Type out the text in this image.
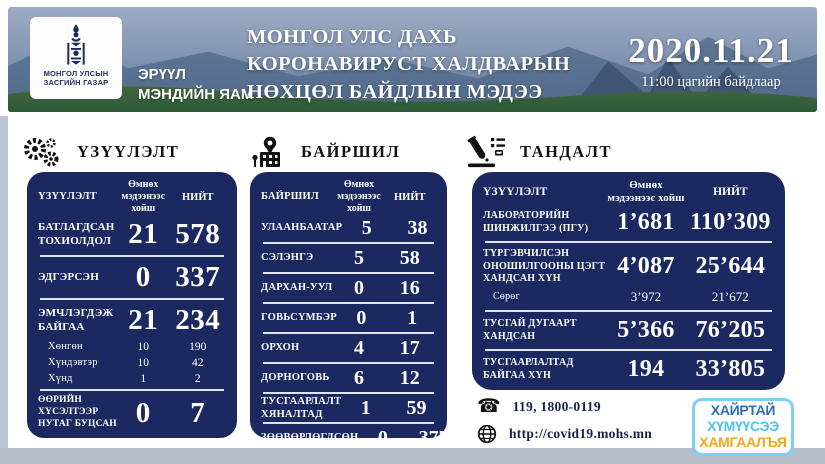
МОНГОЛ УЛСЫН
ЗАСГИЙН ГАЗАР ЭРҮҮЛ
МЭНДИЙН ЯАМ
МОНГОЛ УЛС ДАХЬ
КОРОНАВИРУСТ ХАЛДВАРЫН
НӨХЦӨЛ БАЙДЛЫН МЭДЭЭ
2020.11.21
11:00 цагийн байдлаар
ҮЗҮҮЛЭЛТ	БАЙРШИЛ	ТАНДАЛТ
ҮЗҮҮЛЭЛТ
Өмнөх мэдээнээс хойш
НИЙТ
БАТЛАГДСАН ТОХИОЛДОЛ 21 578
ЭДГЭРСЭН	0 337
ЭМЧЛЭГДЭЖ БАЙГАА	21 234
Хөнгөн	10	190
Хүндэвтэр	10	42
Хүнд	1	2
ӨӨРИЙН ХҮСЭЛТЭЭР НУТАГ БУЦСАН 0	7
БАЙРШИЛ
Өмнөх мэдээнээс хойш
НИЙТ
УЛААНБААТАР 5	38
СЭЛЭНГЭ	5	58
ДАРХАН-УУЛ	0	16
ГОВЬСҮМБЭР 0	1
ОРХОН	4	17
ДОРНОГОВЬ	6	12
ТУСГААРЛАЛТ ХЯНАЛТАД	1	59
ЗӨӨВӨРЛӨГДСӨН 0	377
ҮЗҮҮЛЭЛТ
Өмнөх мэдээнээс хойш	НИЙТ
ЛАБОРАТОРИЙН ШИНЖИЛГЭЭ (ПГУ)	1’681 110’309
ТҮРГЭВЧИЛСЭН ОНОШИЛГООНЫ ЦЭГТ ХАНДСАН ХҮН	4’087 25’644
Сөрөг	3’972	21’672
ТУСГАЙ ДУГААРТ ХАНДСАН	5’366 76’205
ТУСГААРЛАЛТАД БАЙГАА ХҮН	194	33’805
☎ 119, 1800-0119
http://covid19.mohs.mn
ХАЙРТАЙ
ХҮМҮҮСЭЭ
ХАМГААЛЪЯ
